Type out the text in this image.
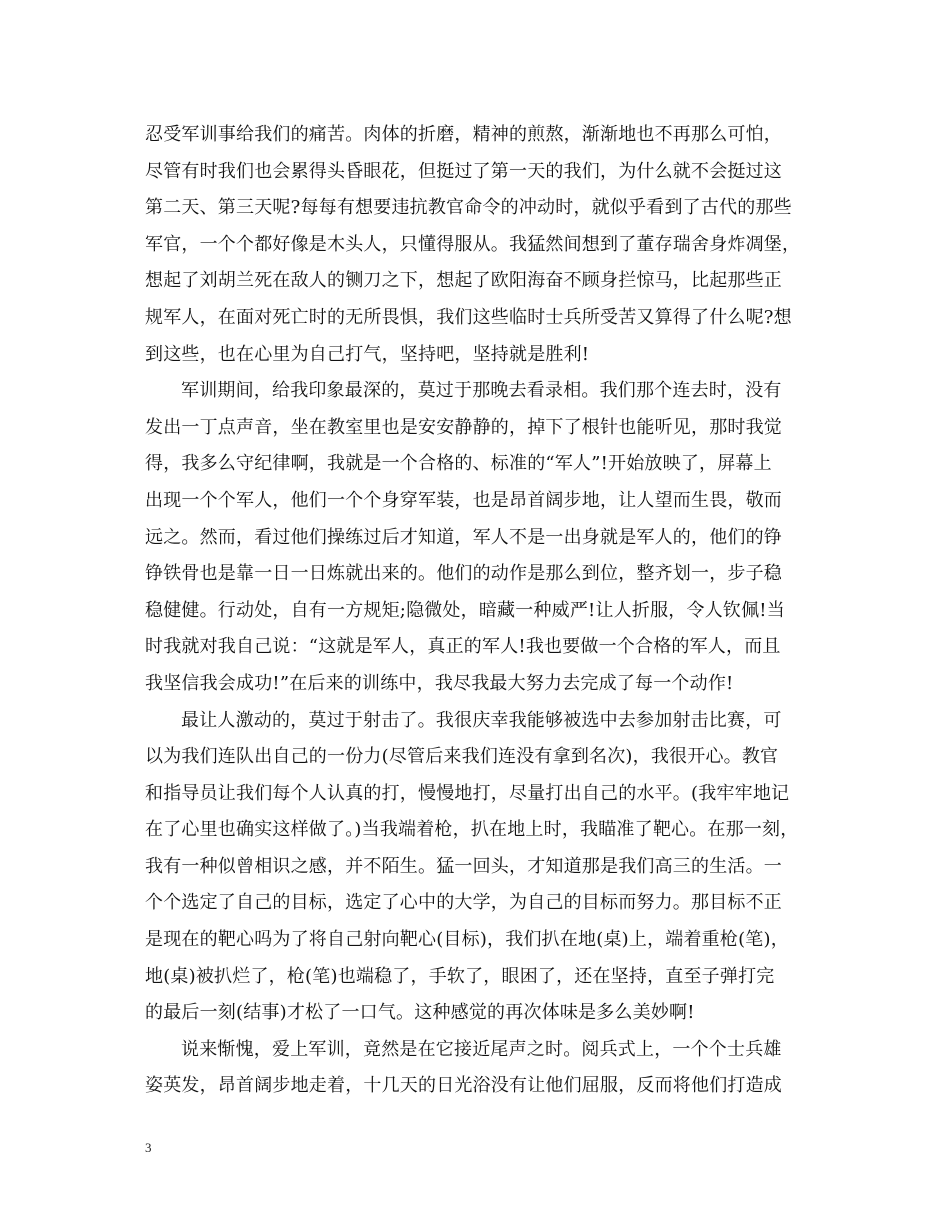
忍受军训事给我们的痛苦。肉体的折磨，精神的煎熬，渐渐地也不再那么可怕，
尽管有时我们也会累得头昏眼花，但挺过了第一天的我们，为什么就不会挺过这
第二天、第三天呢?每每有想要违抗教官命令的冲动时，就似乎看到了古代的那些
军官，一个个都好像是木头人，只懂得服从。我猛然间想到了董存瑞舍身炸凋堡，
想起了刘胡兰死在敌人的铡刀之下，想起了欧阳海奋不顾身拦惊马，比起那些正
规军人，在面对死亡时的无所畏惧，我们这些临时士兵所受苦又算得了什么呢?想
到这些，也在心里为自己打气，坚持吧，坚持就是胜利!
军训期间，给我印象最深的，莫过于那晚去看录相。我们那个连去时，没有
发出一丁点声音，坐在教室里也是安安静静的，掉下了根针也能听见，那时我觉
得，我多么守纪律啊，我就是一个合格的、标准的“军人”!开始放映了，屏幕上
出现一个个军人，他们一个个身穿军装，也是昂首阔步地，让人望而生畏，敬而
远之。然而，看过他们操练过后才知道，军人不是一出身就是军人的，他们的铮
铮铁骨也是靠一日一日炼就出来的。他们的动作是那么到位，整齐划一，步子稳
稳健健。行动处，自有一方规矩;隐微处，暗藏一种威严!让人折服，令人钦佩!当
时我就对我自己说：“这就是军人，真正的军人!我也要做一个合格的军人，而且
我坚信我会成功!”在后来的训练中，我尽我最大努力去完成了每一个动作!
最让人激动的，莫过于射击了。我很庆幸我能够被选中去参加射击比赛，可
以为我们连队出自己的一份力(尽管后来我们连没有拿到名次)，我很开心。教官
和指导员让我们每个人认真的打，慢慢地打，尽量打出自己的水平。(我牢牢地记
在了心里也确实这样做了。)当我端着枪，扒在地上时，我瞄准了靶心。在那一刻，
我有一种似曾相识之感，并不陌生。猛一回头，才知道那是我们高三的生活。一
个个选定了自己的目标，选定了心中的大学，为自己的目标而努力。那目标不正
是现在的靶心吗为了将自己射向靶心(目标)，我们扒在地(桌)上，端着重枪(笔)，
地(桌)被扒烂了，枪(笔)也端稳了，手软了，眼困了，还在坚持，直至子弹打完
的最后一刻(结事)才松了一口气。这种感觉的再次体味是多么美妙啊!
说来惭愧，爱上军训，竟然是在它接近尾声之时。阅兵式上，一个个士兵雄
姿英发，昂首阔步地走着，十几天的日光浴没有让他们屈服，反而将他们打造成
3
